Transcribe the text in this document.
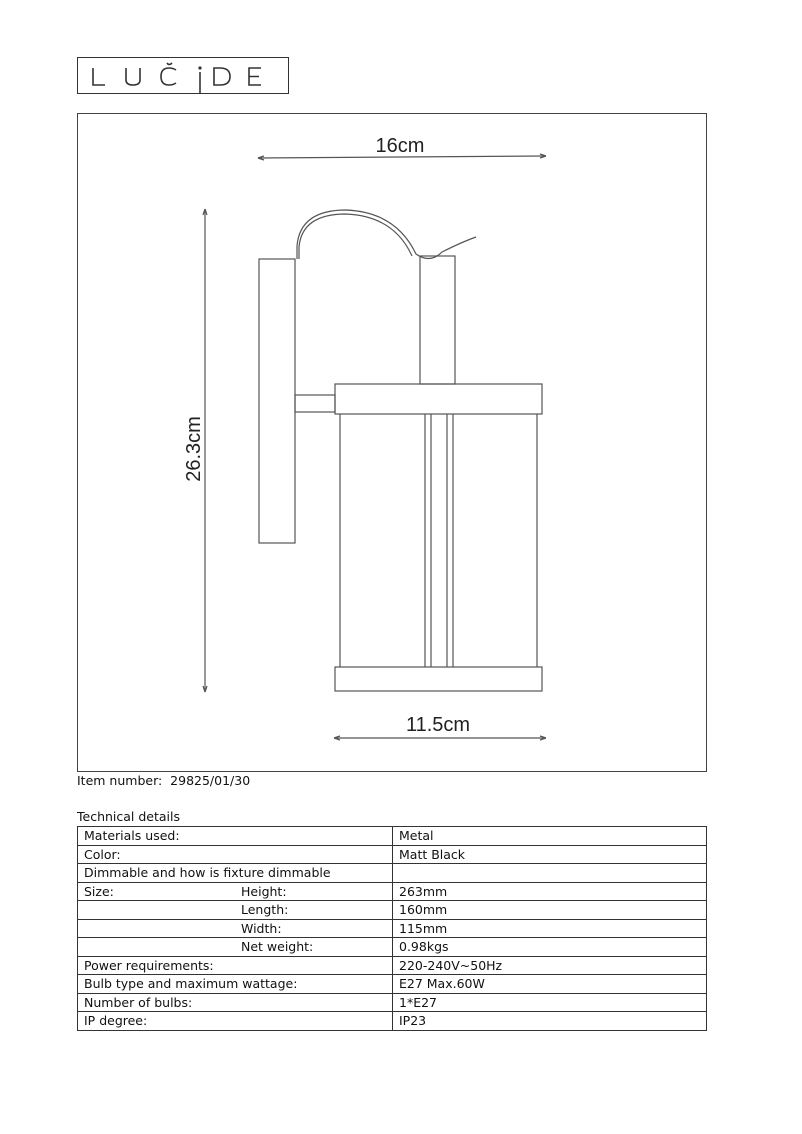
16cm
26.3cm
11.5cm
Item number: 29825/01/30
Technical details
Materials used:		Metal
Color:		Matt Black
Dimmable and how is fixture dimmable		
Size:	Height:	263mm
	Length:	160mm
	Width:	115mm
	Net weight:	0.98kgs
Power requirements:		220-240V~50Hz
Bulb type and maximum wattage:		E27 Max.60W
Number of bulbs:		1*E27
IP degree:		IP23
